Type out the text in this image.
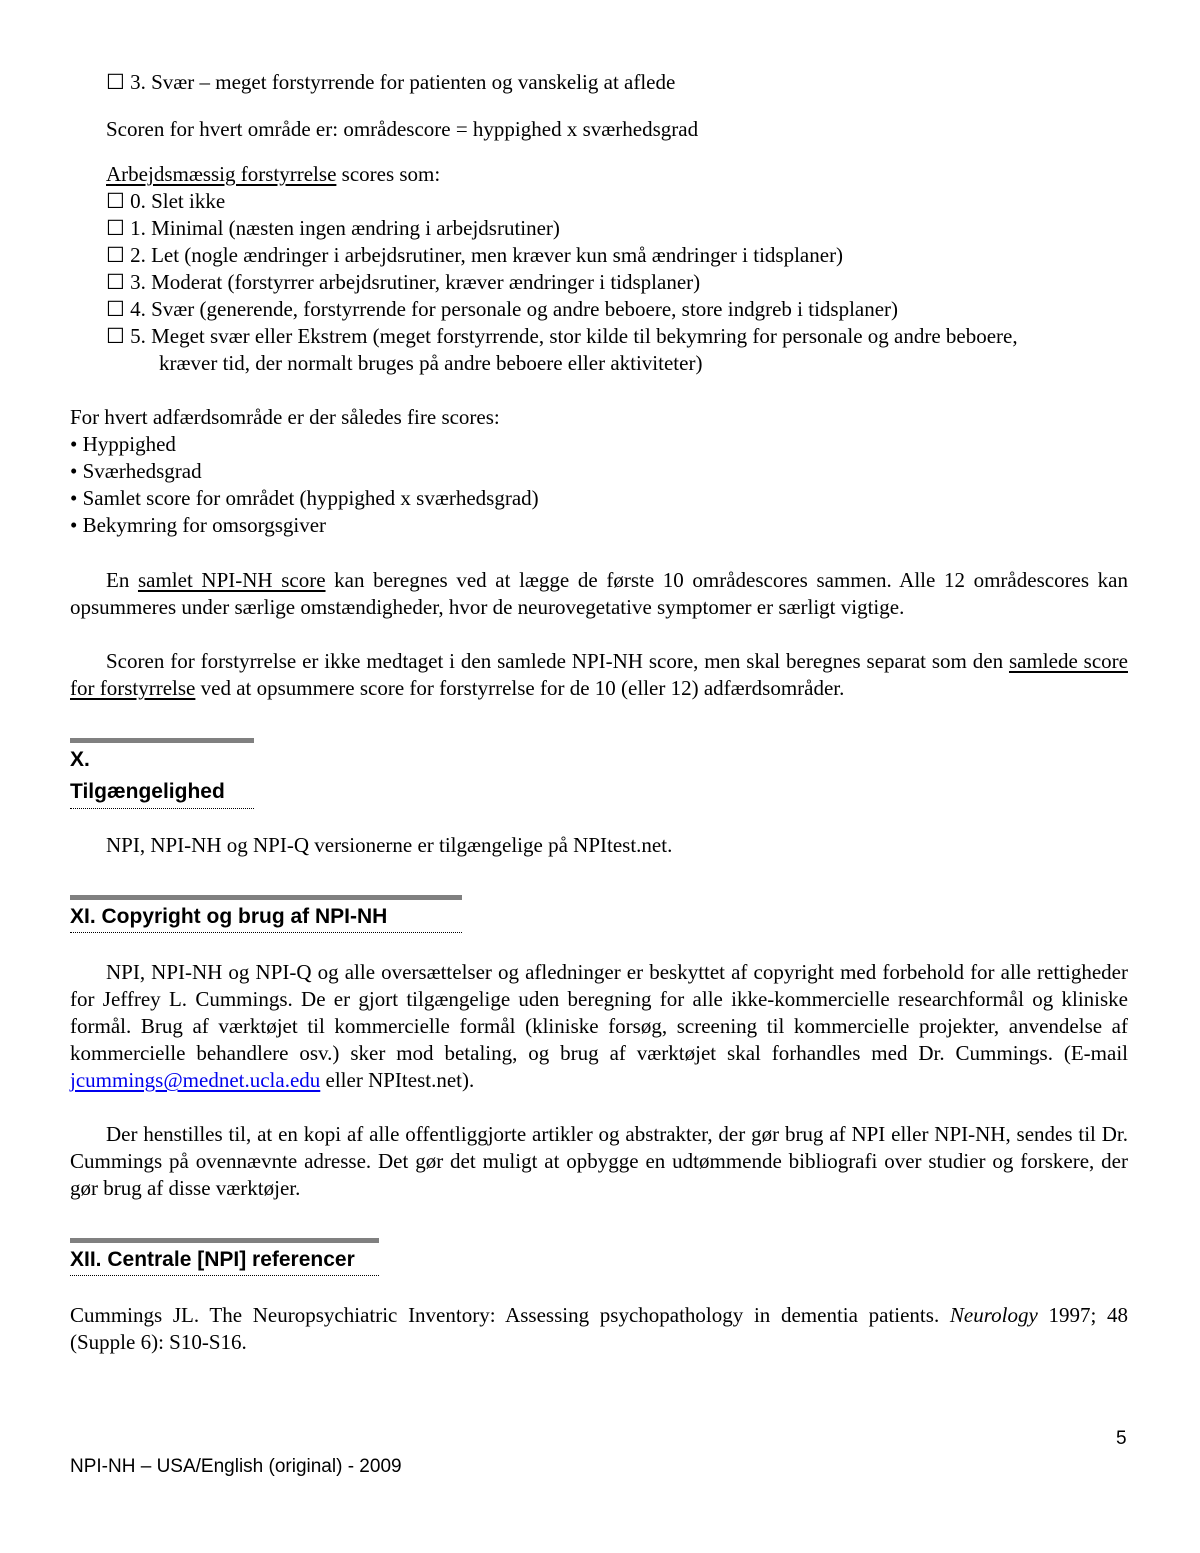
☐ 3. Svær – meget forstyrrende for patienten og vanskelig at aflede
Scoren for hvert område er: områdescore = hyppighed x sværhedsgrad
Arbejdsmæssig forstyrrelse scores som:
☐ 0. Slet ikke
☐ 1. Minimal (næsten ingen ændring i arbejdsrutiner)
☐ 2. Let (nogle ændringer i arbejdsrutiner, men kræver kun små ændringer i tidsplaner)
☐ 3. Moderat (forstyrrer arbejdsrutiner, kræver ændringer i tidsplaner)
☐ 4. Svær (generende, forstyrrende for personale og andre beboere, store indgreb i tidsplaner)
☐ 5. Meget svær eller Ekstrem (meget forstyrrende, stor kilde til bekymring for personale og andre beboere,
kræver tid, der normalt bruges på andre beboere eller aktiviteter)
For hvert adfærdsområde er der således fire scores:
• Hyppighed
• Sværhedsgrad
• Samlet score for området (hyppighed x sværhedsgrad)
• Bekymring for omsorgsgiver
En samlet NPI-NH score kan beregnes ved at lægge de første 10 områdescores sammen. Alle 12 områdescores kan opsummeres under særlige omstændigheder, hvor de neurovegetative symptomer er særligt vigtige.
Scoren for forstyrrelse er ikke medtaget i den samlede NPI-NH score, men skal beregnes separat som den samlede score for forstyrrelse ved at opsummere score for forstyrrelse for de 10 (eller 12) adfærdsområder.
X.
Tilgængelighed
NPI, NPI-NH og NPI-Q versionerne er tilgængelige på NPItest.net.
XI. Copyright og brug af NPI-NH
NPI, NPI-NH og NPI-Q og alle oversættelser og afledninger er beskyttet af copyright med forbehold for alle rettigheder for Jeffrey L. Cummings. De er gjort tilgængelige uden beregning for alle ikke-kommercielle researchformål og kliniske formål. Brug af værktøjet til kommercielle formål (kliniske forsøg, screening til kommercielle projekter, anvendelse af kommercielle behandlere osv.) sker mod betaling, og brug af værktøjet skal forhandles med Dr. Cummings. (E-mail jcummings@mednet.ucla.edu eller NPItest.net).
Der henstilles til, at en kopi af alle offentliggjorte artikler og abstrakter, der gør brug af NPI eller NPI-NH, sendes til Dr. Cummings på ovennævnte adresse. Det gør det muligt at opbygge en udtømmende bibliografi over studier og forskere, der gør brug af disse værktøjer.
XII. Centrale [NPI] referencer
Cummings JL. The Neuropsychiatric Inventory: Assessing psychopathology in dementia patients. Neurology 1997; 48 (Supple 6): S10-S16.
5
NPI-NH – USA/English (original) - 2009
